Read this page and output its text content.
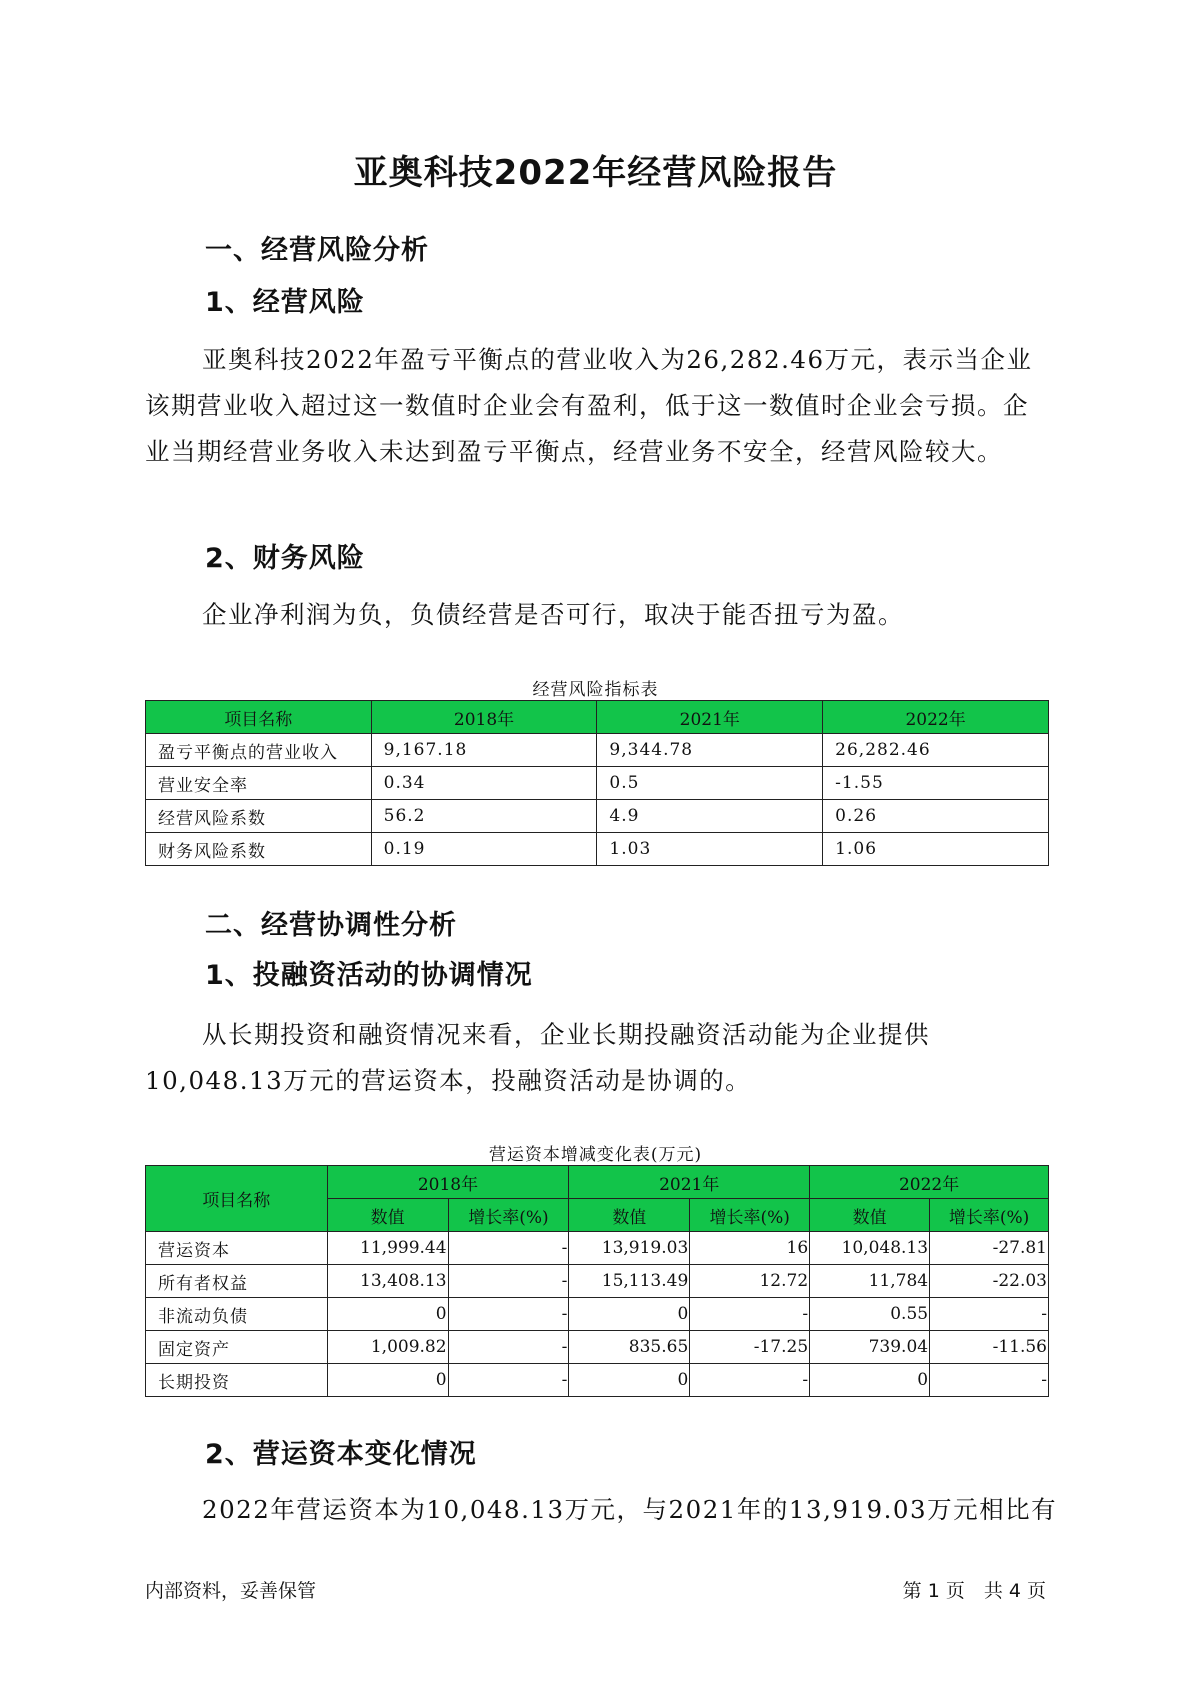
亚奥科技2022年经营风险报告
一、经营风险分析
1、经营风险
亚奥科技2022年盈亏平衡点的营业收入为26,282.46万元，表示当企业该期营业收入超过这一数值时企业会有盈利，低于这一数值时企业会亏损。企业当期经营业务收入未达到盈亏平衡点，经营业务不安全，经营风险较大。
2、财务风险
企业净利润为负，负债经营是否可行，取决于能否扭亏为盈。
经营风险指标表
项目名称	2018年	2021年	2022年
盈亏平衡点的营业收入	9,167.18	9,344.78	26,282.46
营业安全率	0.34	0.5	-1.55
经营风险系数	56.2	4.9	0.26
财务风险系数	0.19	1.03	1.06
二、经营协调性分析
1、投融资活动的协调情况
从长期投资和融资情况来看，企业长期投融资活动能为企业提供10,048.13万元的营运资本，投融资活动是协调的。
营运资本增减变化表(万元)
项目名称	2018年		2021年		2022年	
	数值	增长率(%)	数值	增长率(%)	数值	增长率(%)
营运资本	11,999.44	-	13,919.03	16	10,048.13	-27.81
所有者权益	13,408.13	-	15,113.49	12.72	11,784	-22.03
非流动负债	0	-	0	-	0.55	-
固定资产	1,009.82	-	835.65	-17.25	739.04	-11.56
长期投资	0	-	0	-	0	-
2、营运资本变化情况
2022年营运资本为10,048.13万元，与2021年的13,919.03万元相比有
内部资料，妥善保管	第 1 页　共 4 页
